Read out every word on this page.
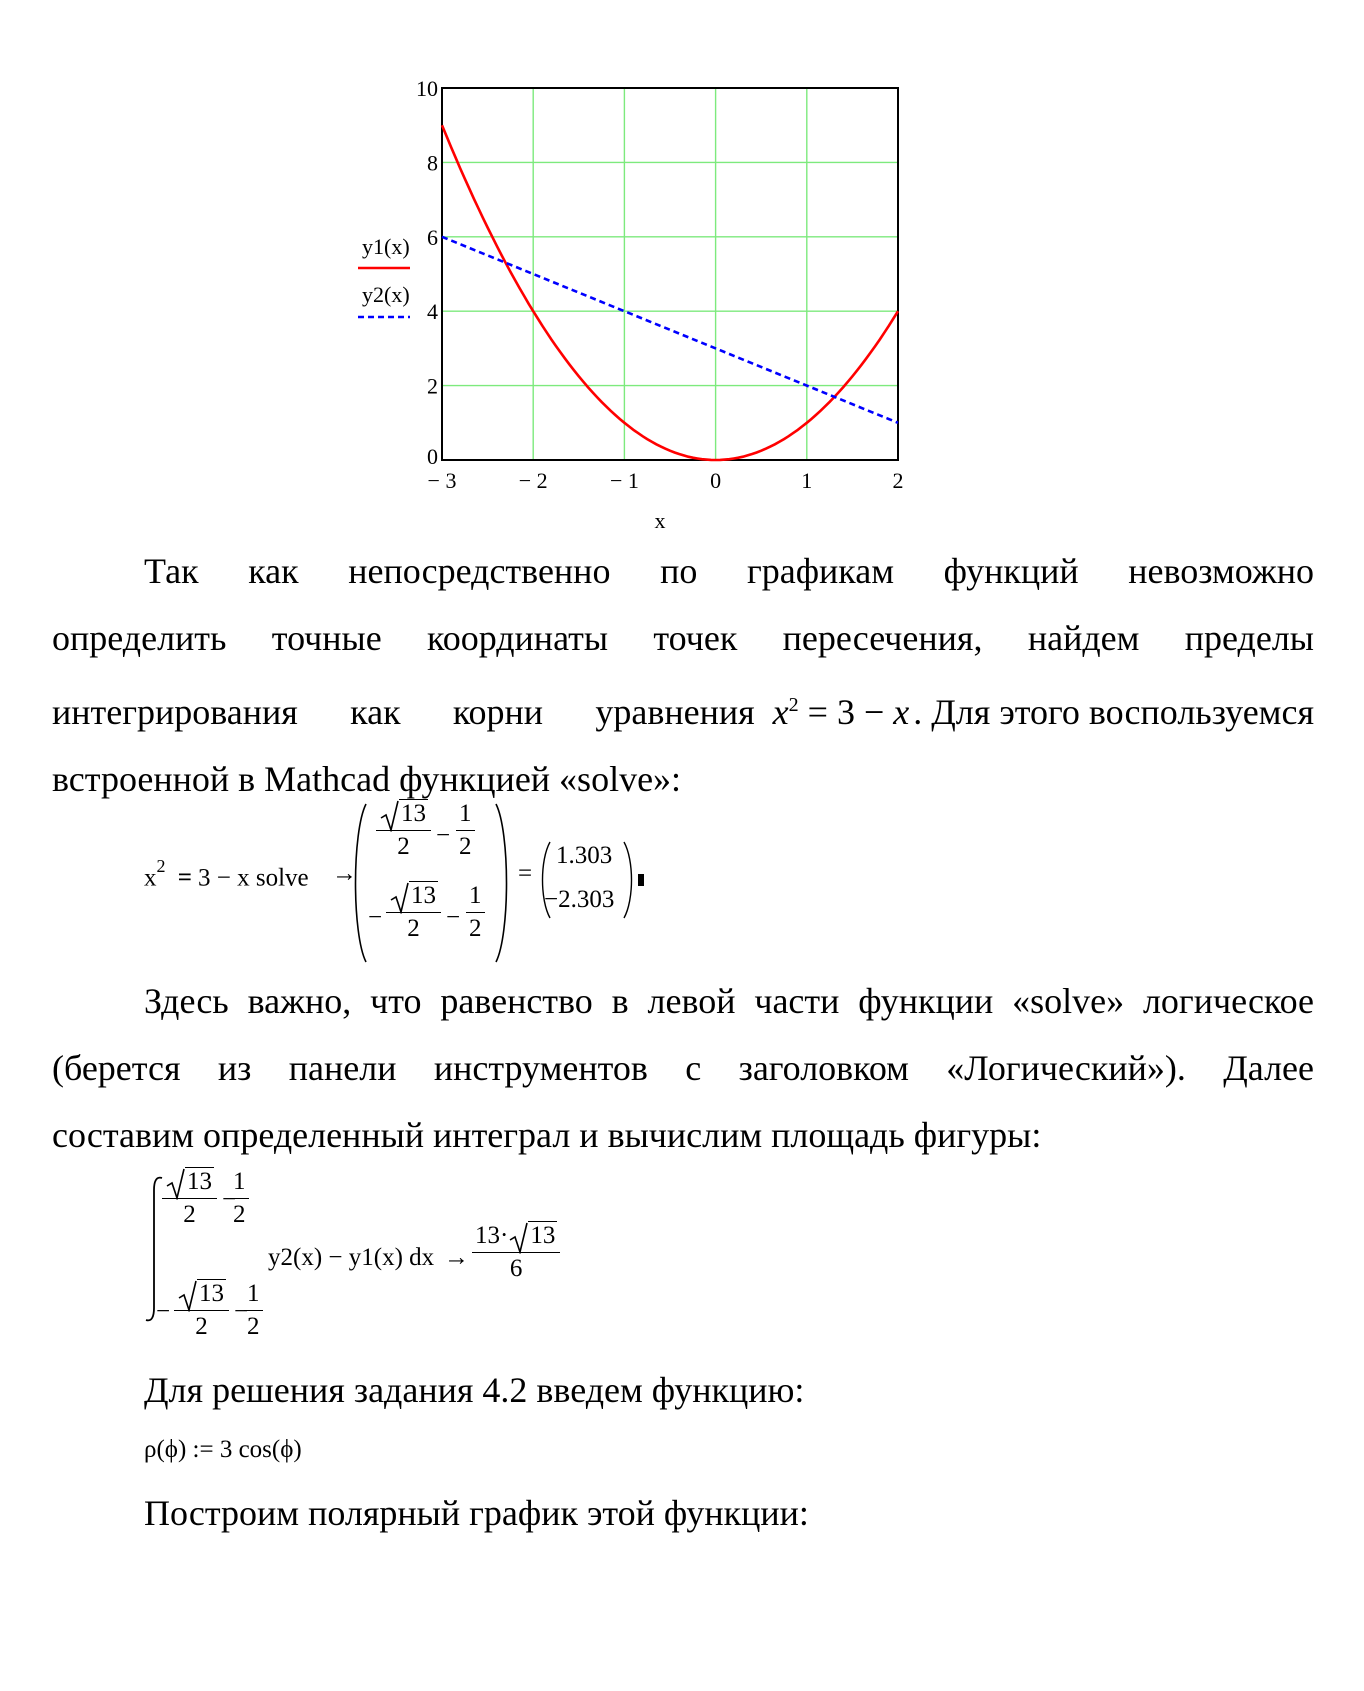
− 3	− 2	− 1	0	1	2
0
2
4
6
8
10
x
y1(x)
y2(x)
Так как непосредственно по графикам функций невозможно
определить точные координаты точек пересечения, найдем пределы
интегрирования как корни уравнения $x^2 = 3 - x$ . Для этого воспользуемся
встроенной в Mathcad функцией «solve»:
$x^2 = 3 - x$ solve →
$\frac{13}{2} - \frac{1}{2}$
− $\frac{13}{2} - \frac{1}{2}$
=
1.303
−2.303
Здесь важно, что равенство в левой части функции «solve» логическое
(берется из панели инструментов с заголовком «Логический»). Далее
составим определенный интеграл и вычислим площадь фигуры:
$\frac{13}{2}$ −
$\frac{1}{2}$
− $\frac{13}{2}$ −
$\frac{1}{2}$
y2(x) − y1(x) dx → $\frac{13\cdot 13}{6}$
Для решения задания 4.2 введем функцию:
ρ(ϕ) := 3 cos(ϕ)
Построим полярный график этой функции:
